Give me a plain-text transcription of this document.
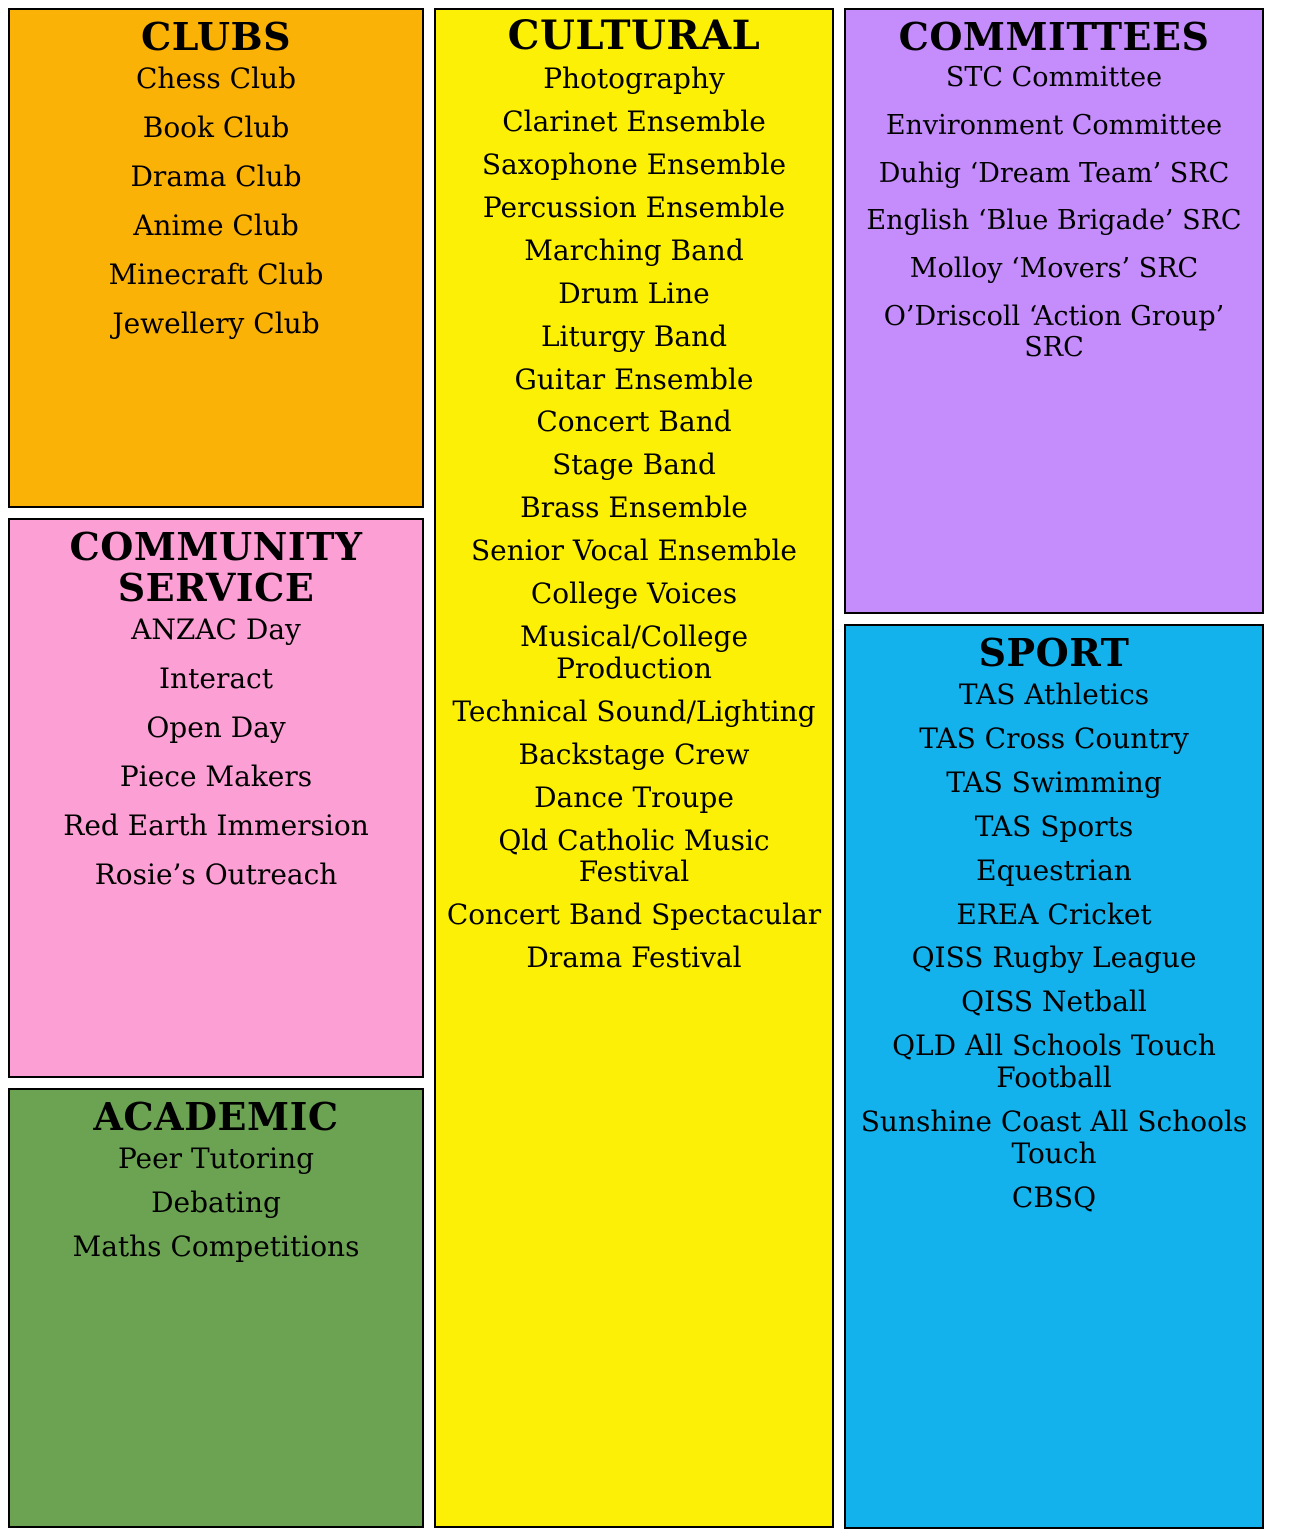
CLUBS

Chess Club

Book Club

Drama Club

Anime Club

Minecraft Club

Jewellery Club

COMMUNITY SERVICE

ANZAC Day

Interact

Open Day

Piece Makers

Red Earth Immersion

Rosie’s Outreach

ACADEMIC

Peer Tutoring

Debating

Maths Competitions

CULTURAL

Photography

Clarinet Ensemble

Saxophone Ensemble

Percussion Ensemble

Marching Band

Drum Line

Liturgy Band

Guitar Ensemble

Concert Band

Stage Band

Brass Ensemble

Senior Vocal Ensemble

College Voices

Musical/College Production

Technical Sound/Lighting

Backstage Crew

Dance Troupe

Qld Catholic Music Festival

Concert Band Spectacular

Drama Festival

COMMITTEES

STC Committee

Environment Committee

Duhig ‘Dream Team’ SRC

English ‘Blue Brigade’ SRC

Molloy ‘Movers’ SRC

O’Driscoll ‘Action Group’ SRC

SPORT

TAS Athletics

TAS Cross Country

TAS Swimming

TAS Sports

Equestrian

EREA Cricket

QISS Rugby League

QISS Netball

QLD All Schools Touch Football

Sunshine Coast All Schools Touch

CBSQ
